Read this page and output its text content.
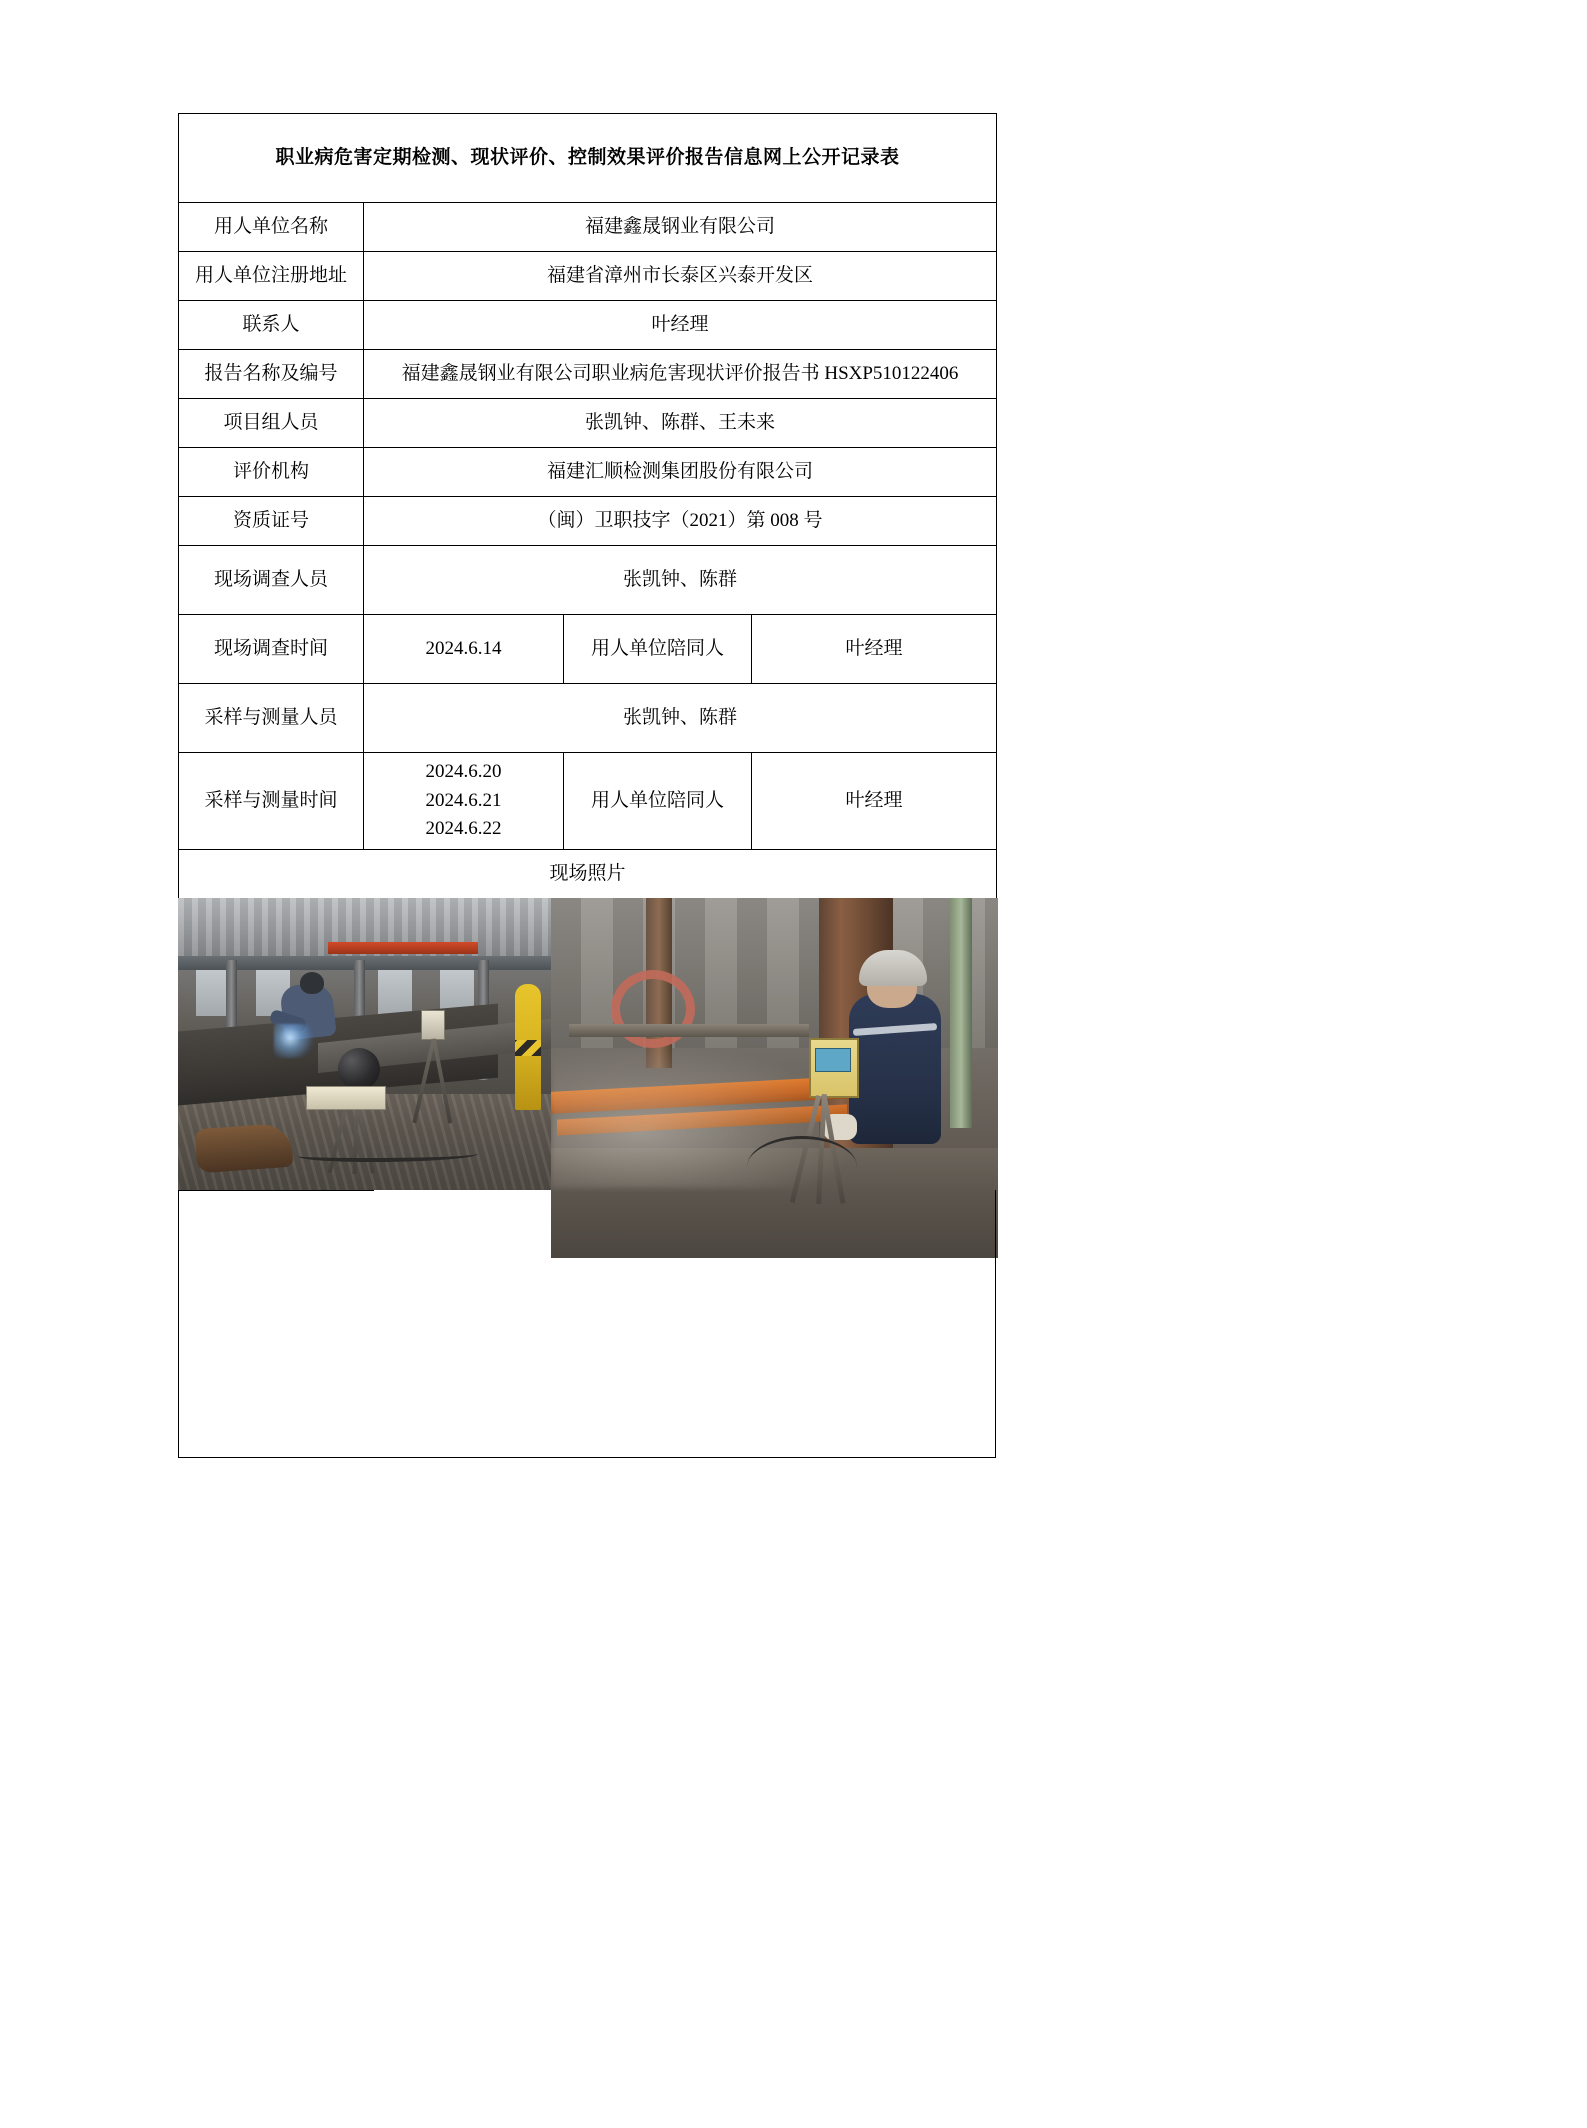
职业病危害定期检测、现状评价、控制效果评价报告信息网上公开记录表			
用人单位名称	福建鑫晟钢业有限公司		
用人单位注册地址	福建省漳州市长泰区兴泰开发区		
联系人	叶经理		
报告名称及编号	福建鑫晟钢业有限公司职业病危害现状评价报告书 HSXP510122406		
项目组人员	张凯钟、陈群、王未来		
评价机构	福建汇顺检测集团股份有限公司		
资质证号	（闽）卫职技字（2021）第 008 号		
现场调查人员	张凯钟、陈群		
现场调查时间	2024.6.14	用人单位陪同人	叶经理
采样与测量人员	张凯钟、陈群		
采样与测量时间	2024.6.20
2024.6.21
2024.6.22	用人单位陪同人	叶经理
现场照片			
